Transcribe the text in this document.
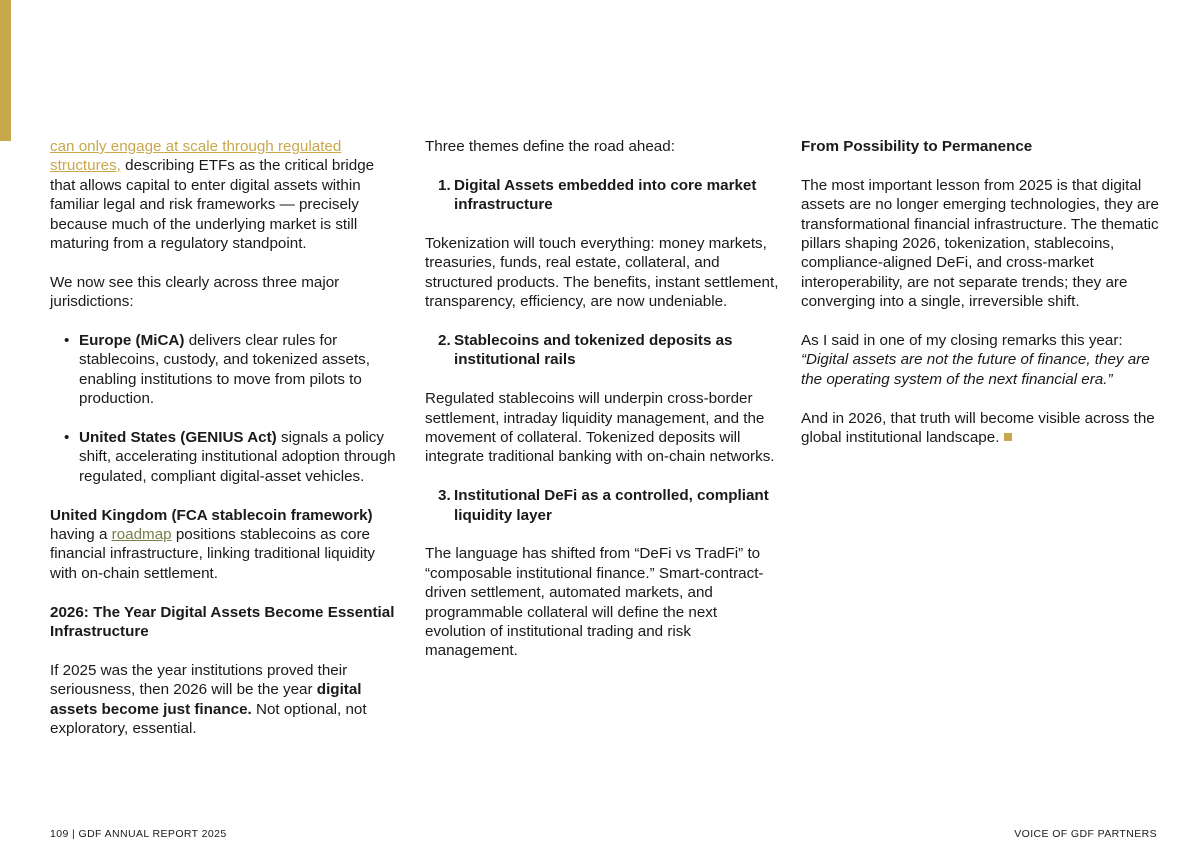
can only engage at scale through regulated structures, describing ETFs as the critical bridge that allows capital to enter digital assets within familiar legal and risk frameworks — precisely because much of the underlying market is still maturing from a regulatory standpoint.

We now see this clearly across three major jurisdictions:

• Europe (MiCA) delivers clear rules for stablecoins, custody, and tokenized assets, enabling institutions to move from pilots to production.
• United States (GENIUS Act) signals a policy shift, accelerating institutional adoption through regulated, compliant digital-asset vehicles.

United Kingdom (FCA stablecoin framework) having a roadmap positions stablecoins as core financial infrastructure, linking traditional liquidity with on-chain settlement.

2026: The Year Digital Assets Become Essential Infrastructure

If 2025 was the year institutions proved their seriousness, then 2026 will be the year digital assets become just finance. Not optional, not exploratory, essential.

Three themes define the road ahead:

1. Digital Assets embedded into core market infrastructure

Tokenization will touch everything: money markets, treasuries, funds, real estate, collateral, and structured products. The benefits, instant settlement, transparency, efficiency, are now undeniable.

2. Stablecoins and tokenized deposits as institutional rails

Regulated stablecoins will underpin cross-border settlement, intraday liquidity management, and the movement of collateral. Tokenized deposits will integrate traditional banking with on-chain networks.

3. Institutional DeFi as a controlled, compliant liquidity layer

The language has shifted from “DeFi vs TradFi” to “composable institutional finance.” Smart-contract-driven settlement, automated markets, and programmable collateral will define the next evolution of institutional trading and risk management.

From Possibility to Permanence

The most important lesson from 2025 is that digital assets are no longer emerging technologies, they are transformational financial infrastructure. The thematic pillars shaping 2026, tokenization, stablecoins, compliance-aligned DeFi, and cross-market interoperability, are not separate trends; they are converging into a single, irreversible shift.

As I said in one of my closing remarks this year:
“Digital assets are not the future of finance, they are the operating system of the next financial era.”

And in 2026, that truth will become visible across the global institutional landscape.

109 | GDF ANNUAL REPORT 2025	VOICE OF GDF PARTNERS
